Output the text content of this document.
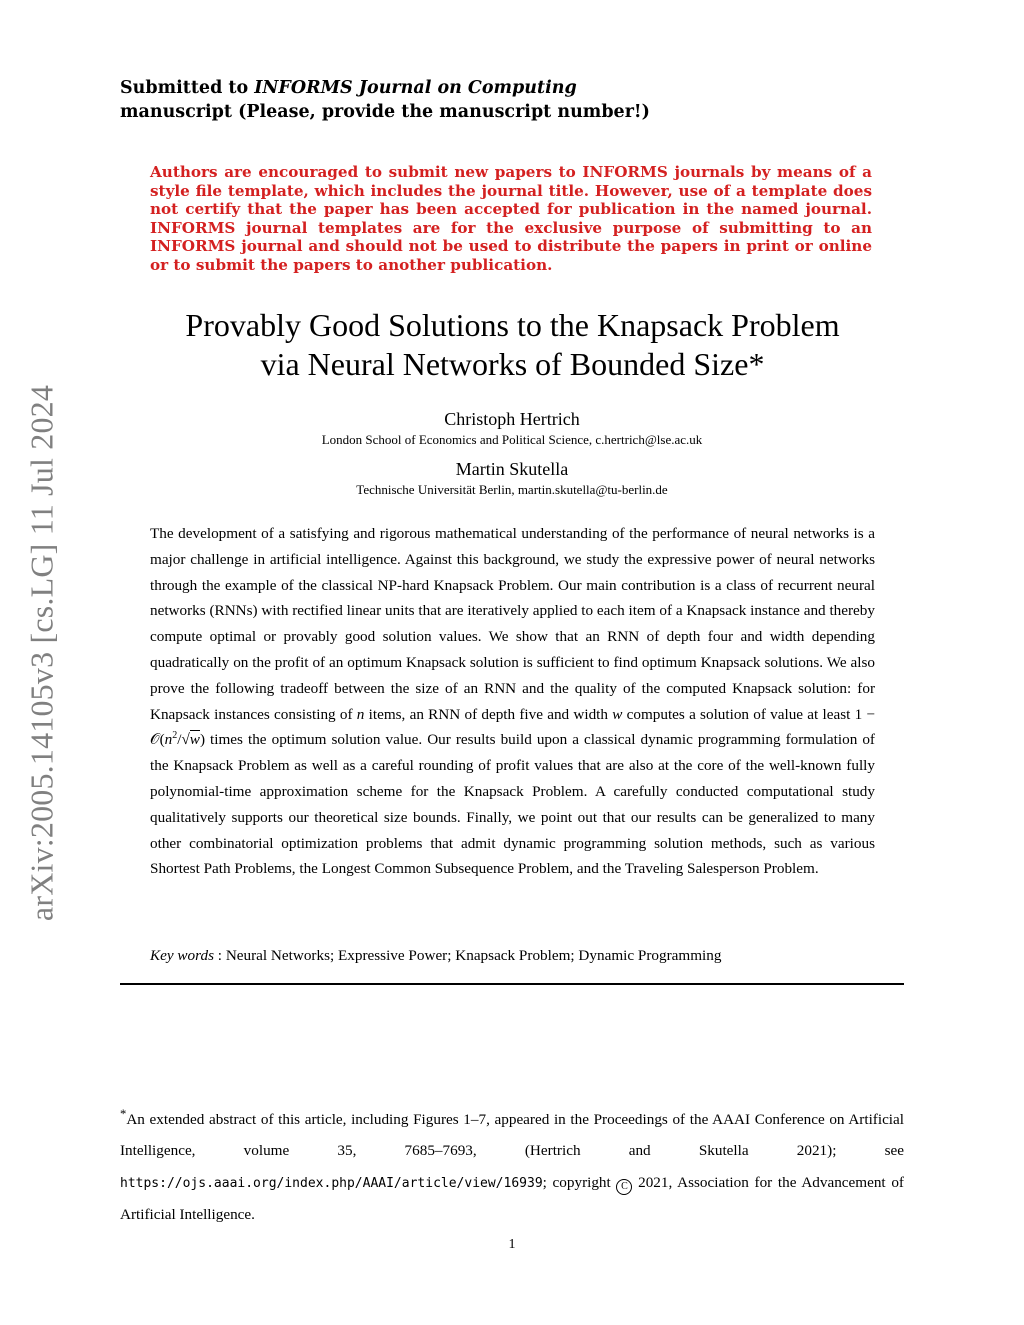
arXiv:2005.14105v3 [cs.LG] 11 Jul 2024
Submitted to INFORMS Journal on Computing
manuscript (Please, provide the manuscript number!)
Authors are encouraged to submit new papers to INFORMS journals by means of a style file template, which includes the journal title. However, use of a template does not certify that the paper has been accepted for publication in the named journal. INFORMS journal templates are for the exclusive purpose of submitting to an INFORMS journal and should not be used to distribute the papers in print or online or to submit the papers to another publication.
Provably Good Solutions to the Knapsack Problem
via Neural Networks of Bounded Size*
Christoph Hertrich
London School of Economics and Political Science, c.hertrich@lse.ac.uk
Martin Skutella
Technische Universität Berlin, martin.skutella@tu-berlin.de
The development of a satisfying and rigorous mathematical understanding of the performance of neural networks is a major challenge in artificial intelligence. Against this background, we study the expressive power of neural networks through the example of the classical NP-hard Knapsack Problem. Our main contribution is a class of recurrent neural networks (RNNs) with rectified linear units that are iteratively applied to each item of a Knapsack instance and thereby compute optimal or provably good solution values. We show that an RNN of depth four and width depending quadratically on the profit of an optimum Knapsack solution is sufficient to find optimum Knapsack solutions. We also prove the following tradeoff between the size of an RNN and the quality of the computed Knapsack solution: for Knapsack instances consisting of n items, an RNN of depth five and width w computes a solution of value at least $1 - 𝒪(n^2/√w)$ times the optimum solution value. Our results build upon a classical dynamic programming formulation of the Knapsack Problem as well as a careful rounding of profit values that are also at the core of the well-known fully polynomial-time approximation scheme for the Knapsack Problem. A carefully conducted computational study qualitatively supports our theoretical size bounds. Finally, we point out that our results can be generalized to many other combinatorial optimization problems that admit dynamic programming solution methods, such as various Shortest Path Problems, the Longest Common Subsequence Problem, and the Traveling Salesperson Problem.
Key words : Neural Networks; Expressive Power; Knapsack Problem; Dynamic Programming
*An extended abstract of this article, including Figures 1–7, appeared in the Proceedings of the AAAI Conference on Artificial Intelligence, volume 35, 7685–7693, (Hertrich and Skutella 2021); see https://ojs.aaai.org/index.php/AAAI/article/view/16939; copyright C 2021, Association for the Advancement of Artificial Intelligence.
1
